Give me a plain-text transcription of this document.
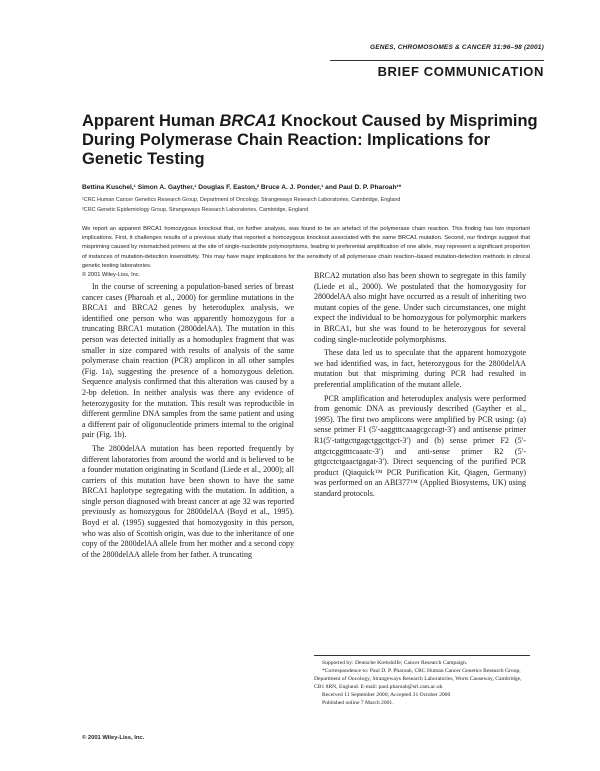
GENES, CHROMOSOMES & CANCER 31:96–98 (2001)
BRIEF COMMUNICATION
Apparent Human BRCA1 Knockout Caused by Mispriming During Polymerase Chain Reaction: Implications for Genetic Testing
Bettina Kuschel,¹ Simon A. Gayther,¹ Douglas F. Easton,² Bruce A. J. Ponder,¹ and Paul D. P. Pharoah¹*
¹CRC Human Cancer Genetics Research Group, Department of Oncology, Strangeways Research Laboratories, Cambridge, England
²CRC Genetic Epidemiology Group, Strangeways Research Laboratories, Cambridge, England
We report an apparent BRCA1 homozygous knockout that, on further analysis, was found to be an artefact of the polymerase chain reaction. This finding has two important implications. First, it challenges results of a previous study that reported a homozygous knockout associated with the same BRCA1 mutation. Second, our findings suggest that mispriming caused by mismatched primers at the site of single-nucleotide polymorphisms, leading to preferential amplification of one allele, may represent a significant proportion of instances of mutation-detection insensitivity. This may have major implications for the sensitivity of all polymerase chain reaction–based mutation-detection methods in clinical genetic testing laboratories.
© 2001 Wiley-Liss, Inc.

In the course of screening a population-based series of breast cancer cases (Pharoah et al., 2000) for germline mutations in the BRCA1 and BRCA2 genes by heteroduplex analysis, we identified one person who was apparently homozygous for a truncating BRCA1 mutation (2800delAA). The mutation in this person was detected initially as a homoduplex fragment that was smaller in size compared with results of analysis of the same polymerase chain reaction (PCR) amplicon in all other samples (Fig. 1a), suggesting the presence of a homozygous deletion. Sequence analysis confirmed that this alteration was caused by a 2-bp deletion. In neither analysis was there any evidence of heterozygosity for the mutation. This result was reproducible in different germline DNA samples from the same patient and using a different pair of oligonucleotide primers internal to the original pair (Fig. 1b).

The 2800delAA mutation has been reported frequently by different laboratories from around the world and is believed to be a founder mutation originating in Scotland (Liede et al., 2000); all carriers of this mutation have been shown to have the same BRCA1 haplotype segregating with the mutation. In addition, a single person diagnosed with breast cancer at age 32 was reported previously as homozygous for 2800delAA (Boyd et al., 1995). Boyd et al. (1995) suggested that homozygosity in this person, who was also of Scottish origin, was due to the inheritance of one copy of the 2800delAA allele from her mother and a second copy of the 2800delAA allele from her father. A truncating

BRCA2 mutation also has been shown to segregate in this family (Liede et al., 2000). We postulated that the homozygosity for 2800delAA also might have occurred as a result of inheriting two mutant copies of the gene. Under such circumstances, one might expect the individual to be homozygous for polymorphic markers in BRCA1, but she was found to be heterozygous for several coding single-nucleotide polymorphisms.

These data led us to speculate that the apparent homozygote we had identified was, in fact, heterozygous for the 2800delAA mutation but that mispriming during PCR had resulted in preferential amplification of the mutant allele.

PCR amplification and heteroduplex analysis were performed from genomic DNA as previously described (Gayther et al., 1995). The first two amplicons were amplified by PCR using: (a) sense primer F1 (5′-aaggtttcaaagcgccagt-3′) and antisense primer R1(5′-tattgcttgagctggcttgct-3′) and (b) sense primer F2 (5′-attgctcggttttcaaatc-3′) and anti-sense primer R2 (5′-gttgcctctgaactgagat-3′). Direct sequencing of the purified PCR product (Qiaquick™ PCR Purification Kit, Qiagen, Germany) was performed on an ABI377™ (Applied Biosystems, UK) using standard protocols.

Supported by: Deutsche Krebshilfe; Cancer Research Campaign.
*Correspondence to: Paul D. P. Pharoah, CRC Human Cancer Genetics Research Group, Department of Oncology, Strangeways Research Laboratories, Worts Causeway, Cambridge, CB1 8RN, England. E-mail: paul.pharoah@srl.cam.ac.uk
Received 11 September 2000; Accepted 31 October 2000
Published online 7 March 2001.
© 2001 Wiley-Liss, Inc.
